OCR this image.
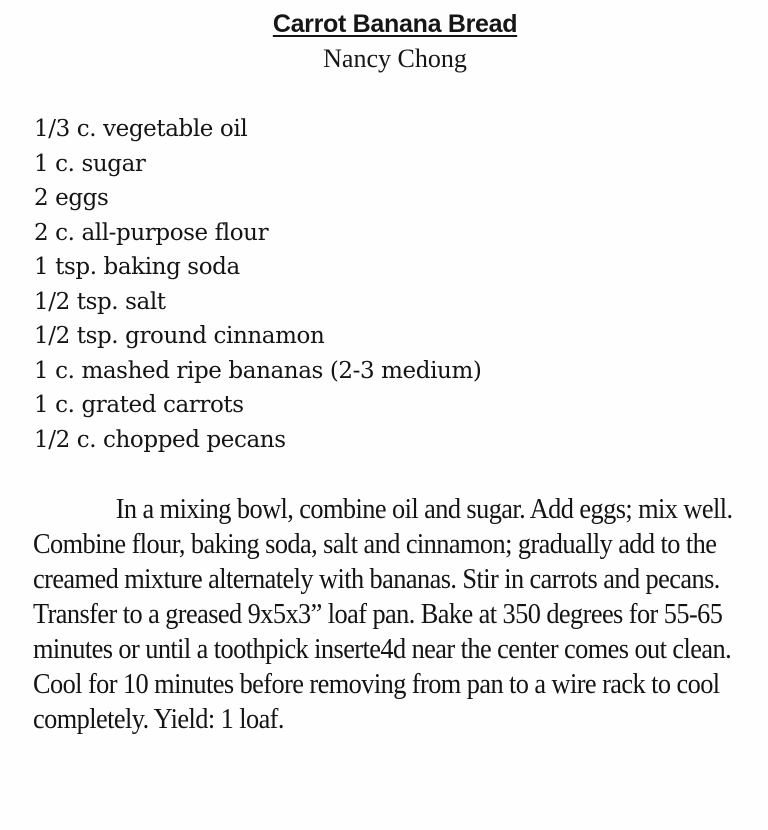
Carrot Banana Bread
Nancy Chong
1/3 c. vegetable oil
1 c. sugar
2 eggs
2 c. all-purpose flour
1 tsp. baking soda
1/2 tsp. salt
1/2 tsp. ground cinnamon
1 c. mashed ripe bananas (2-3 medium)
1 c. grated carrots
1/2 c. chopped pecans

In a mixing bowl, combine oil and sugar. Add eggs; mix well. Combine flour, baking soda, salt and cinnamon; gradually add to the creamed mixture alternately with bananas. Stir in carrots and pecans. Transfer to a greased 9x5x3” loaf pan. Bake at 350 degrees for 55-65 minutes or until a toothpick inserte4d near the center comes out clean. Cool for 10 minutes before removing from pan to a wire rack to cool completely. Yield: 1 loaf.
